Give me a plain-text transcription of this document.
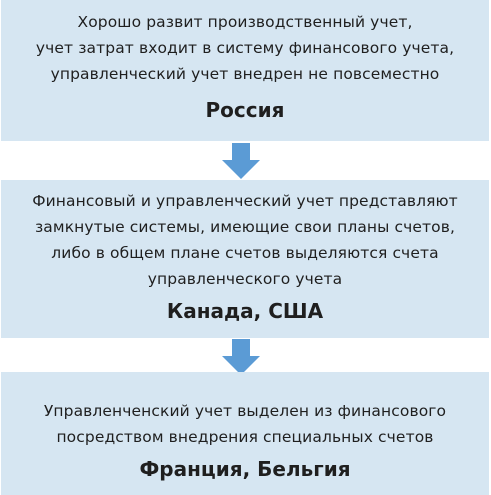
Хорошо развит производственный учет,
учет затрат входит в систему финансового учета,
управленческий учет внедрен не повсеместно
Россия
Финансовый и управленческий учет представляют
замкнутые системы, имеющие свои планы счетов,
либо в общем плане счетов выделяются счета
управленческого учета
Канада, США
Управленченский учет выделен из финансового
посредством внедрения специальных счетов
Франция, Бельгия
